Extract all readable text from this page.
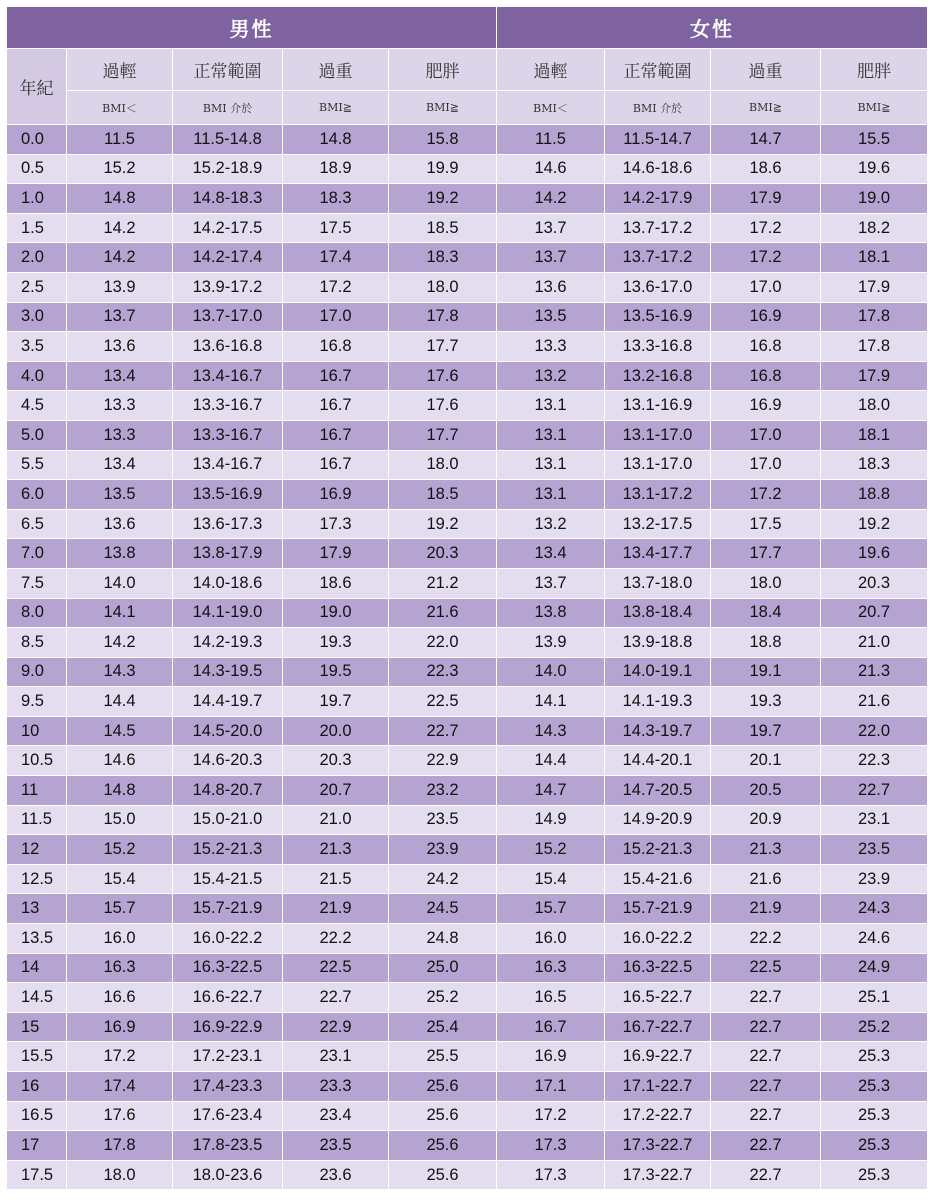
男性					女性			
年紀	過輕	正常範圍	過重	肥胖	過輕	正常範圍	過重	肥胖
	BMI＜	BMI 介於	BMI≧	BMI≧	BMI＜	BMI 介於	BMI≧	BMI≧
0.0	11.5	11.5-14.8	14.8	15.8	11.5	11.5-14.7	14.7	15.5
0.5	15.2	15.2-18.9	18.9	19.9	14.6	14.6-18.6	18.6	19.6
1.0	14.8	14.8-18.3	18.3	19.2	14.2	14.2-17.9	17.9	19.0
1.5	14.2	14.2-17.5	17.5	18.5	13.7	13.7-17.2	17.2	18.2
2.0	14.2	14.2-17.4	17.4	18.3	13.7	13.7-17.2	17.2	18.1
2.5	13.9	13.9-17.2	17.2	18.0	13.6	13.6-17.0	17.0	17.9
3.0	13.7	13.7-17.0	17.0	17.8	13.5	13.5-16.9	16.9	17.8
3.5	13.6	13.6-16.8	16.8	17.7	13.3	13.3-16.8	16.8	17.8
4.0	13.4	13.4-16.7	16.7	17.6	13.2	13.2-16.8	16.8	17.9
4.5	13.3	13.3-16.7	16.7	17.6	13.1	13.1-16.9	16.9	18.0
5.0	13.3	13.3-16.7	16.7	17.7	13.1	13.1-17.0	17.0	18.1
5.5	13.4	13.4-16.7	16.7	18.0	13.1	13.1-17.0	17.0	18.3
6.0	13.5	13.5-16.9	16.9	18.5	13.1	13.1-17.2	17.2	18.8
6.5	13.6	13.6-17.3	17.3	19.2	13.2	13.2-17.5	17.5	19.2
7.0	13.8	13.8-17.9	17.9	20.3	13.4	13.4-17.7	17.7	19.6
7.5	14.0	14.0-18.6	18.6	21.2	13.7	13.7-18.0	18.0	20.3
8.0	14.1	14.1-19.0	19.0	21.6	13.8	13.8-18.4	18.4	20.7
8.5	14.2	14.2-19.3	19.3	22.0	13.9	13.9-18.8	18.8	21.0
9.0	14.3	14.3-19.5	19.5	22.3	14.0	14.0-19.1	19.1	21.3
9.5	14.4	14.4-19.7	19.7	22.5	14.1	14.1-19.3	19.3	21.6
10	14.5	14.5-20.0	20.0	22.7	14.3	14.3-19.7	19.7	22.0
10.5	14.6	14.6-20.3	20.3	22.9	14.4	14.4-20.1	20.1	22.3
11	14.8	14.8-20.7	20.7	23.2	14.7	14.7-20.5	20.5	22.7
11.5	15.0	15.0-21.0	21.0	23.5	14.9	14.9-20.9	20.9	23.1
12	15.2	15.2-21.3	21.3	23.9	15.2	15.2-21.3	21.3	23.5
12.5	15.4	15.4-21.5	21.5	24.2	15.4	15.4-21.6	21.6	23.9
13	15.7	15.7-21.9	21.9	24.5	15.7	15.7-21.9	21.9	24.3
13.5	16.0	16.0-22.2	22.2	24.8	16.0	16.0-22.2	22.2	24.6
14	16.3	16.3-22.5	22.5	25.0	16.3	16.3-22.5	22.5	24.9
14.5	16.6	16.6-22.7	22.7	25.2	16.5	16.5-22.7	22.7	25.1
15	16.9	16.9-22.9	22.9	25.4	16.7	16.7-22.7	22.7	25.2
15.5	17.2	17.2-23.1	23.1	25.5	16.9	16.9-22.7	22.7	25.3
16	17.4	17.4-23.3	23.3	25.6	17.1	17.1-22.7	22.7	25.3
16.5	17.6	17.6-23.4	23.4	25.6	17.2	17.2-22.7	22.7	25.3
17	17.8	17.8-23.5	23.5	25.6	17.3	17.3-22.7	22.7	25.3
17.5	18.0	18.0-23.6	23.6	25.6	17.3	17.3-22.7	22.7	25.3
